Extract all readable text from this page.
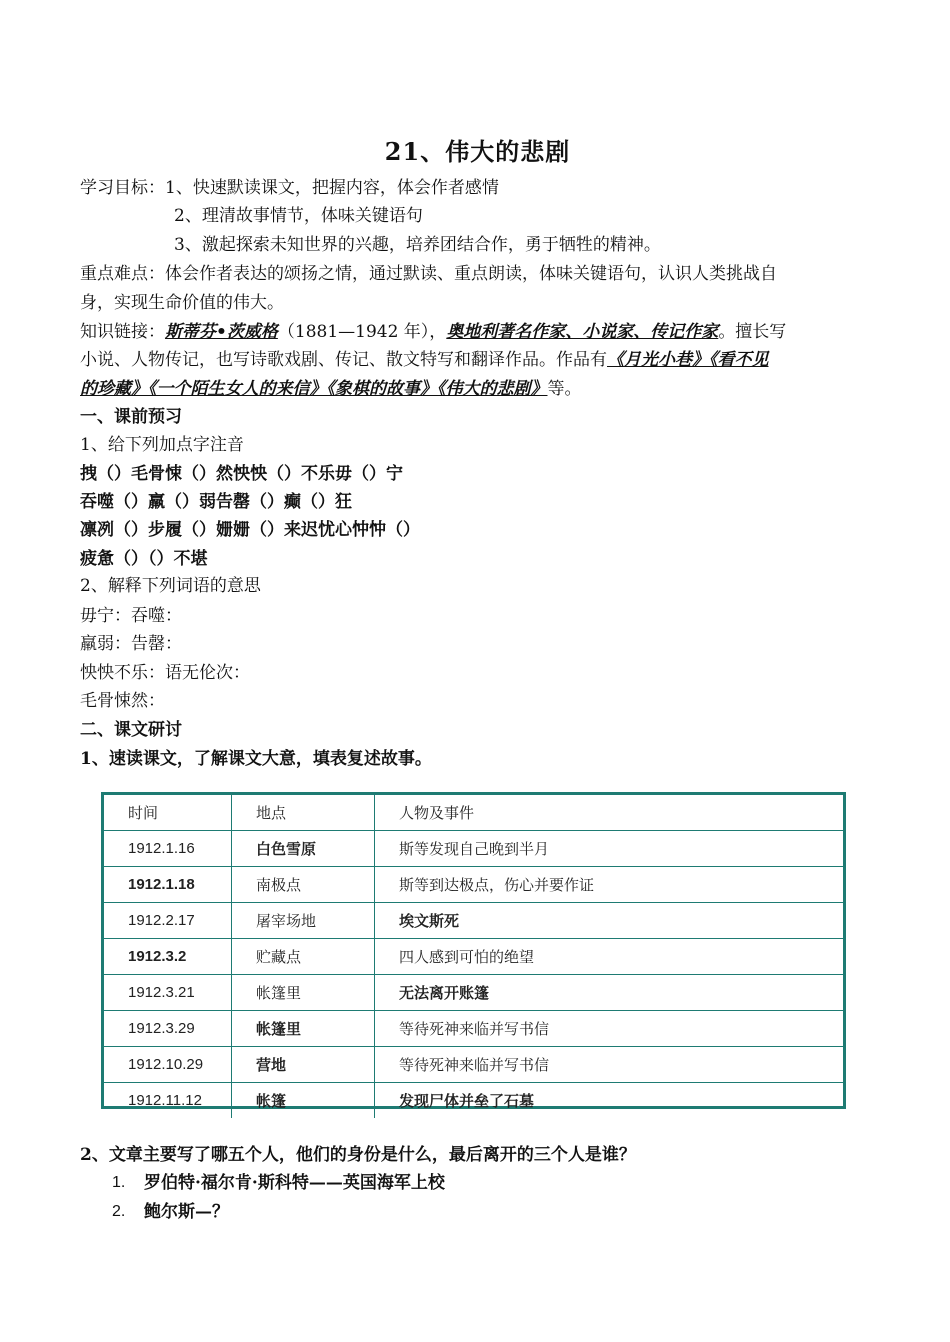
21、伟大的悲剧
学习目标：1、快速默读课文，把握内容，体会作者感情
2、理清故事情节，体味关键语句
3、激起探索未知世界的兴趣，培养团结合作，勇于牺牲的精神。
重点难点：体会作者表达的颂扬之情，通过默读、重点朗读，体味关键语句，认识人类挑战自
身，实现生命价值的伟大。
知识链接：斯蒂芬•茨威格（1881—1942 年），奥地利著名作家、小说家、传记作家。擅长写
小说、人物传记，也写诗歌戏剧、传记、散文特写和翻译作品。作品有《月光小巷》《看不见
的珍藏》《一个陌生女人的来信》《象棋的故事》《伟大的悲剧》等。
一、课前预习
1、给下列加点字注音
拽（）毛骨悚（）然怏怏（）不乐毋（）宁
吞噬（）羸（）弱告罄（）癫（）狂
凛冽（）步履（）姗姗（）来迟忧心忡忡（）
疲惫（）（）不堪
2、解释下列词语的意思
毋宁：吞噬：
羸弱：告罄：
怏怏不乐：语无伦次：
毛骨悚然：
二、课文研讨
1、速读课文，了解课文大意，填表复述故事。
时间	地点	人物及事件
1912.1.16	白色雪原	斯等发现自己晚到半月
1912.1.18	南极点	斯等到达极点，伤心并要作证
1912.2.17	屠宰场地	埃文斯死
1912.3.2	贮藏点	四人感到可怕的绝望
1912.3.21	帐篷里	无法离开账篷
1912.3.29	帐篷里	等待死神来临并写书信
1912.10.29	营地	等待死神来临并写书信
1912.11.12	帐篷	发现尸体并垒了石墓
2、文章主要写了哪五个人，他们的身份是什么，最后离开的三个人是谁？
1. 罗伯特·福尔肯·斯科特——英国海军上校
2. 鲍尔斯—？
